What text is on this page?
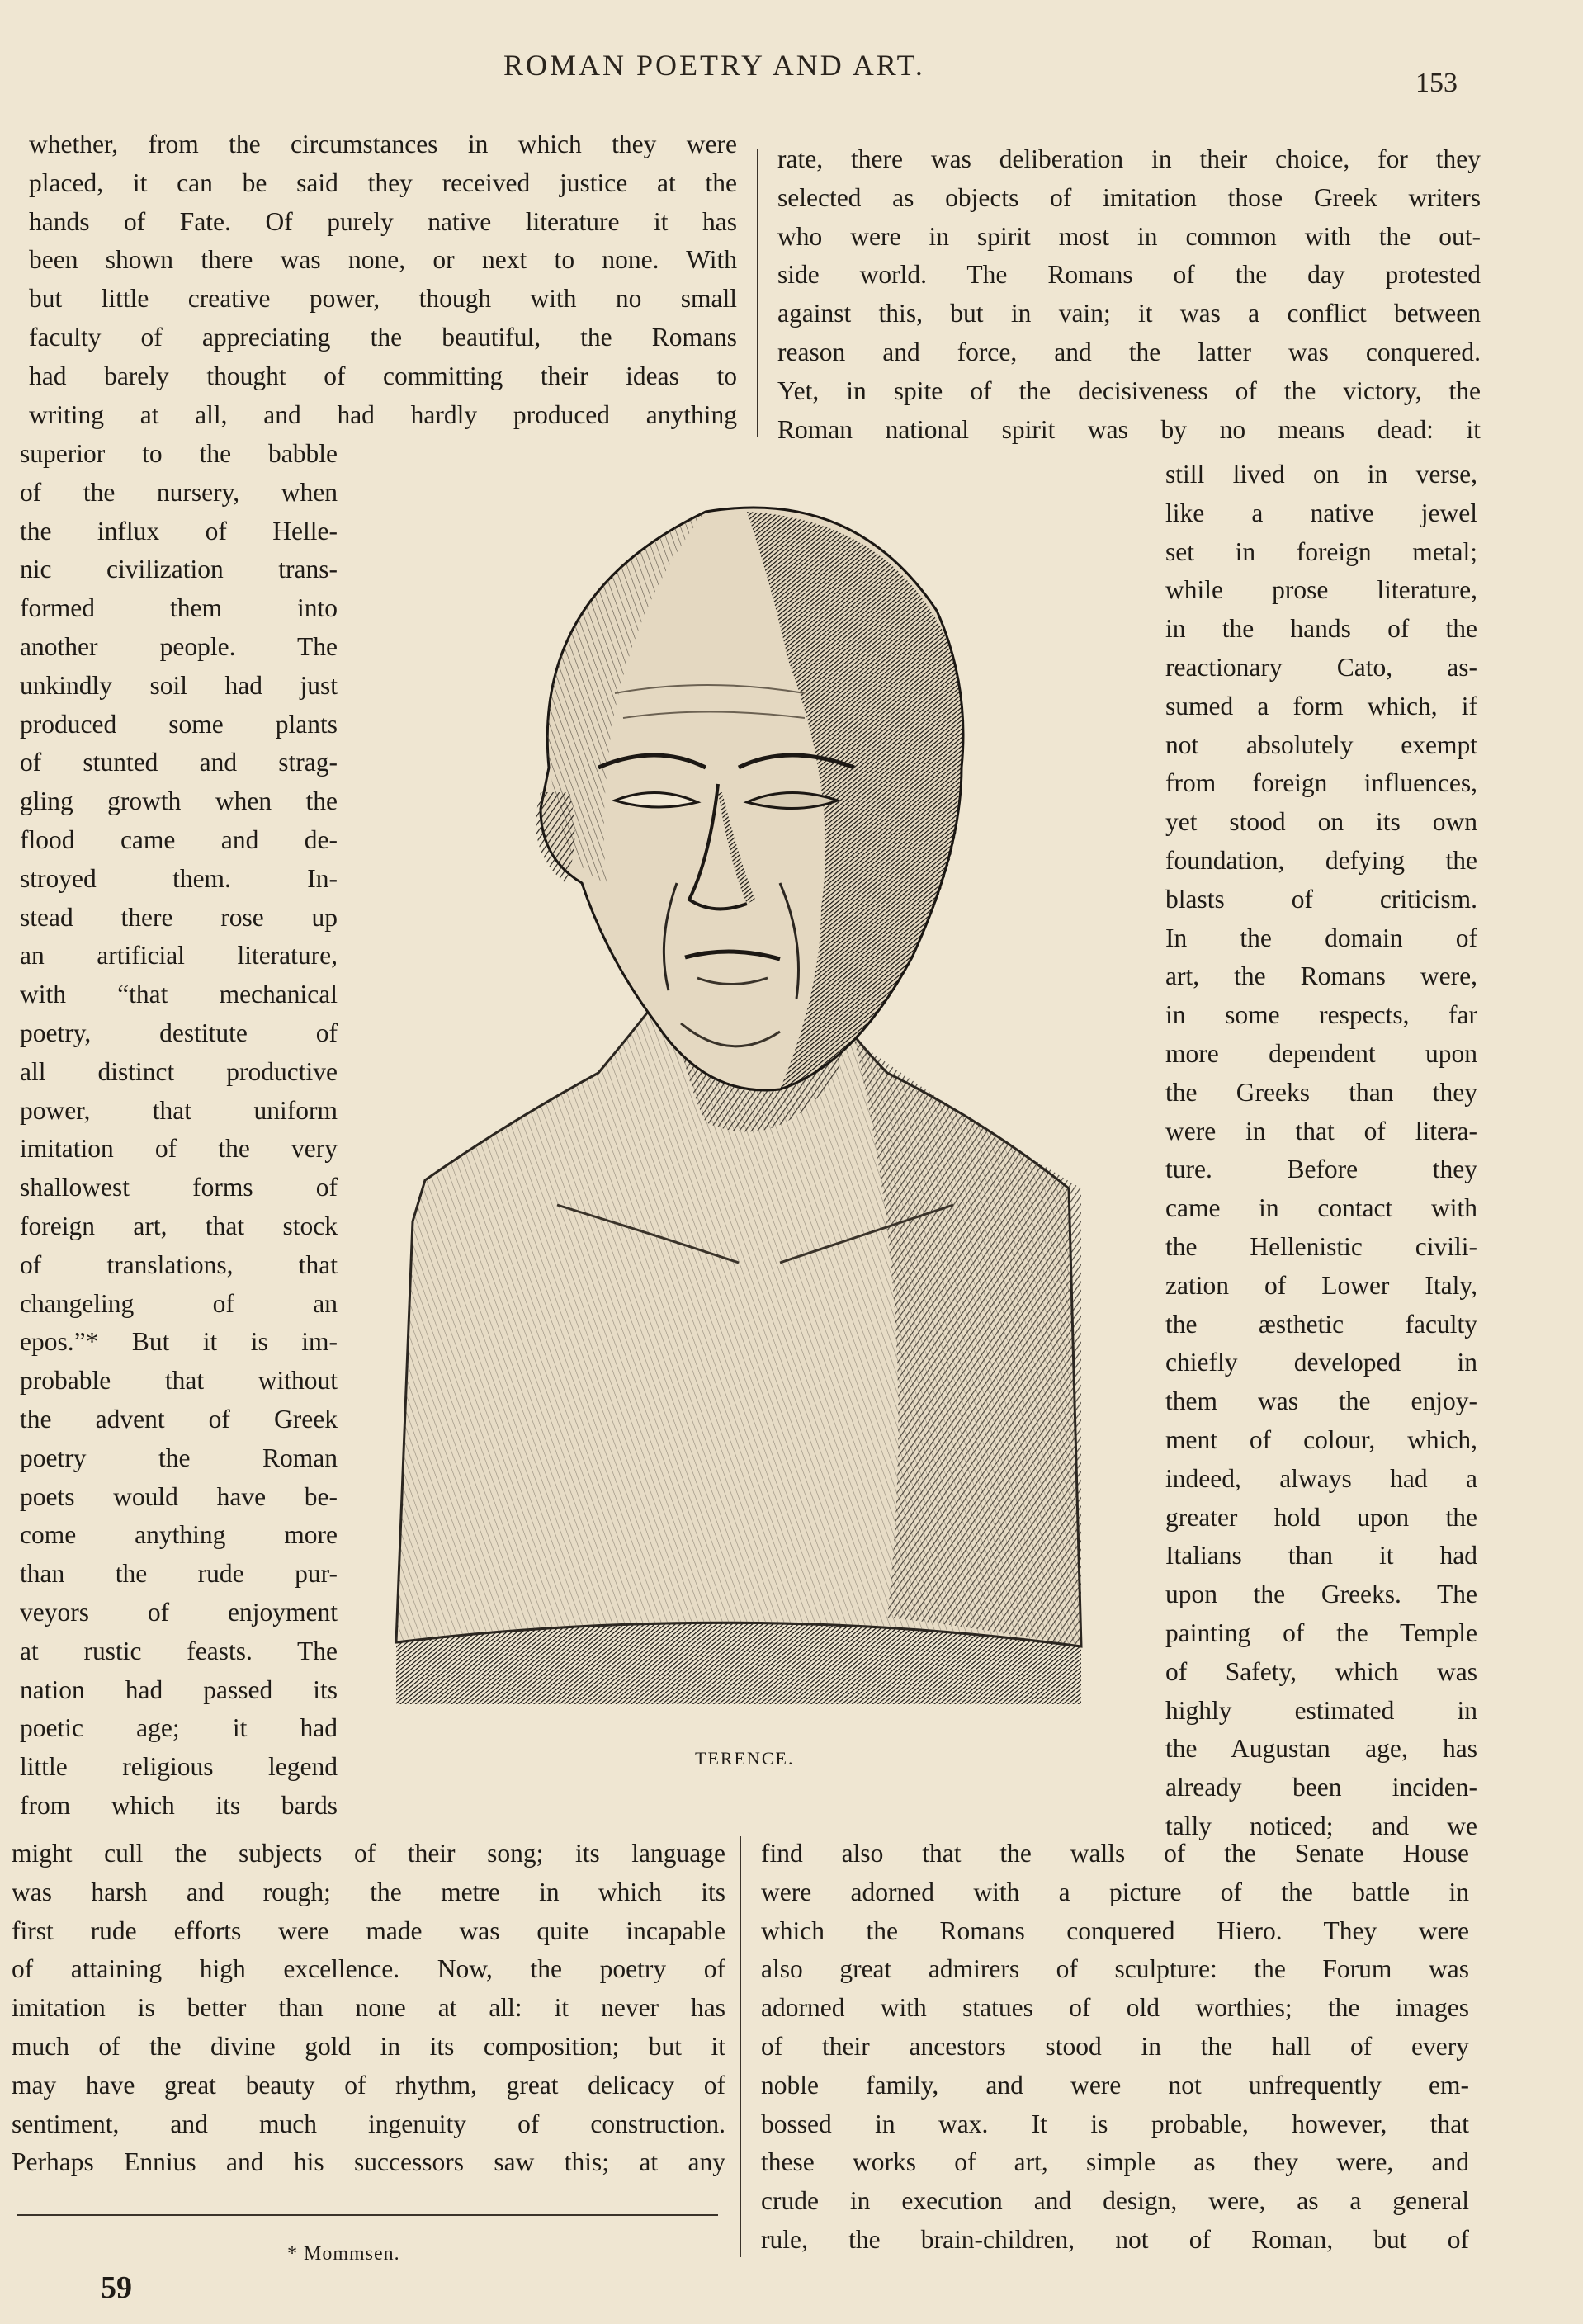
ROMAN POETRY AND ART.
153
whether, from the circumstances in which they were
placed, it can be said they received justice at the
hands of Fate. Of purely native literature it has
been shown there was none, or next to none. With
but little creative power, though with no small
faculty of appreciating the beautiful, the Romans
had barely thought of committing their ideas to
writing at all, and had hardly produced anything
superior to the babble
of the nursery, when
the influx of Helle-
nic civilization trans-
formed them into
another people. The
unkindly soil had just
produced some plants
of stunted and strag-
gling growth when the
flood came and de-
stroyed them. In-
stead there rose up
an artificial literature,
with “that mechanical
poetry, destitute of
all distinct productive
power, that uniform
imitation of the very
shallowest forms of
foreign art, that stock
of translations, that
changeling of an
epos.”* But it is im-
probable that without
the advent of Greek
poetry the Roman
poets would have be-
come anything more
than the rude pur-
veyors of enjoyment
at rustic feasts. The
nation had passed its
poetic age; it had
little religious legend
from which its bards
might cull the subjects of their song; its language
was harsh and rough; the metre in which its
first rude efforts were made was quite incapable
of attaining high excellence. Now, the poetry of
imitation is better than none at all: it never has
much of the divine gold in its composition; but it
may have great beauty of rhythm, great delicacy of
sentiment, and much ingenuity of construction.
Perhaps Ennius and his successors saw this; at any
rate, there was deliberation in their choice, for they
selected as objects of imitation those Greek writers
who were in spirit most in common with the out-
side world. The Romans of the day protested
against this, but in vain; it was a conflict between
reason and force, and the latter was conquered.
Yet, in spite of the decisiveness of the victory, the
Roman national spirit was by no means dead: it
still lived on in verse,
like a native jewel
set in foreign metal;
while prose literature,
in the hands of the
reactionary Cato, as-
sumed a form which, if
not absolutely exempt
from foreign influences,
yet stood on its own
foundation, defying the
blasts of criticism.
In the domain of
art, the Romans were,
in some respects, far
more dependent upon
the Greeks than they
were in that of litera-
ture. Before they
came in contact with
the Hellenistic civili-
zation of Lower Italy,
the æsthetic faculty
chiefly developed in
them was the enjoy-
ment of colour, which,
indeed, always had a
greater hold upon the
Italians than it had
upon the Greeks. The
painting of the Temple
of Safety, which was
highly estimated in
the Augustan age, has
already been inciden-
tally noticed; and we
find also that the walls of the Senate House
were adorned with a picture of the battle in
which the Romans conquered Hiero. They were
also great admirers of sculpture: the Forum was
adorned with statues of old worthies; the images
of their ancestors stood in the hall of every
noble family, and were not unfrequently em-
bossed in wax. It is probable, however, that
these works of art, simple as they were, and
crude in execution and design, were, as a general
rule, the brain-children, not of Roman, but of
TERENCE.
* Mommsen.
59
